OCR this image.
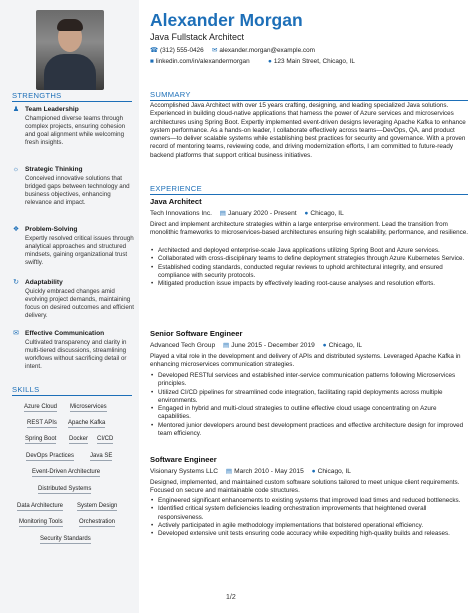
STRENGTHS
♟ Team Leadership
Championed diverse teams through complex projects, ensuring cohesion and goal alignment while welcoming fresh insights.
☼ Strategic Thinking
Conceived innovative solutions that bridged gaps between technology and business objectives, enhancing relevance and impact.
❖ Problem-Solving
Expertly resolved critical issues through analytical approaches and structured mindsets, gaining organizational trust swiftly.
↻ Adaptability
Quickly embraced changes amid evolving project demands, maintaining focus on desired outcomes and efficient delivery.
✉ Effective Communication
Cultivated transparency and clarity in multi-tiered discussions, streamlining workflows without sacrificing detail or intent.
SKILLS
Azure Cloud Microservices
REST APIs Apache Kafka
Spring Boot Docker CI/CD
DevOps Practices	Java SE
Event-Driven Architecture
Distributed Systems
Data Architecture System Design
Monitoring Tools	Orchestration
Security Standards
Alexander Morgan
Java Fullstack Architect
☎ (312) 555-0426 ✉ alexander.morgan@example.com
■ linkedin.com/in/alexandermorgan	● 123 Main Street, Chicago, IL
SUMMARY
Accomplished Java Architect with over 15 years crafting, designing, and leading specialized Java solutions. Experienced in building cloud-native applications that harness the power of Azure services and microservices architectures using Spring Boot. Expertly implemented event-driven designs leveraging Apache Kafka to enhance system performance. As a hands-on leader, I collaborate effectively across teams—DevOps, QA, and product owners—to deliver scalable systems while establishing best practices for security and governance. With a proven record of mentoring teams, reviewing code, and driving modernization efforts, I am committed to future-ready backend platforms that support critical business initiatives.
EXPERIENCE
Java Architect
Tech Innovations Inc. ▤ January 2020 - Present ● Chicago, IL
Direct and implement architecture strategies within a large enterprise environment. Lead the transition from monolithic frameworks to microservices-based architectures ensuring high scalability, performance, and resilience.
• Architected and deployed enterprise-scale Java applications utilizing Spring Boot and Azure services.
• Collaborated with cross-disciplinary teams to define deployment strategies through Azure Kubernetes Service.
• Established coding standards, conducted regular reviews to uphold architectural integrity, and ensured compliance with security protocols.
• Mitigated production issue impacts by effectively leading root-cause analyses and resolution efforts.
Senior Software Engineer
Advanced Tech Group ▤ June 2015 - December 2019 ● Chicago, IL
Played a vital role in the development and delivery of APIs and distributed systems. Leveraged Apache Kafka in enhancing microservices communication strategies.
• Developed RESTful services and established inter-service communication patterns following Microservices principles.
• Utilized CI/CD pipelines for streamlined code integration, facilitating rapid deployments across multiple environments.
• Engaged in hybrid and multi-cloud strategies to outline effective cloud usage concentrating on Azure capabilities.
• Mentored junior developers around best development practices and effective architecture design for improved team efficiency.
Software Engineer
Visionary Systems LLC ▤ March 2010 - May 2015 ● Chicago, IL
Designed, implemented, and maintained custom software solutions tailored to meet unique client requirements. Focused on secure and maintainable code structures.
• Engineered significant enhancements to existing systems that improved load times and reduced bottlenecks.
• Identified critical system deficiencies leading orchestration improvements that heightened overall responsiveness.
• Actively participated in agile methodology implementations that bolstered operational efficiency.
• Developed extensive unit tests ensuring code accuracy while expediting high-quality builds and releases.
1/2
